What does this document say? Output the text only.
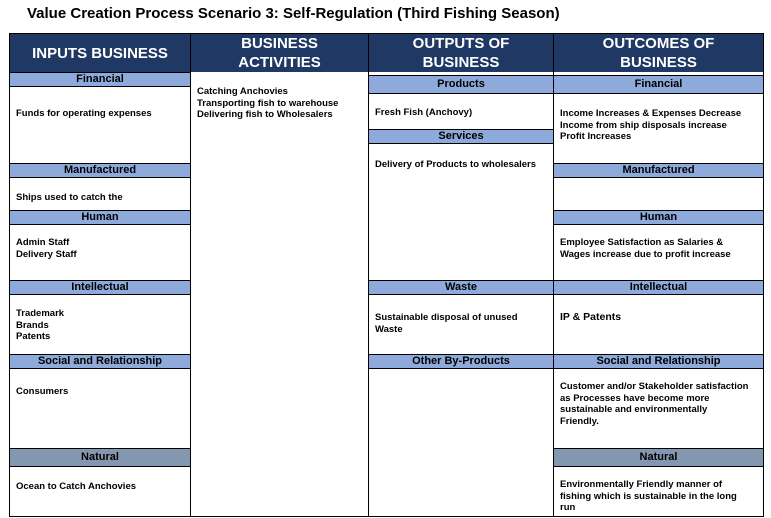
Value Creation Process Scenario 3: Self-Regulation (Third Fishing Season)
INPUTS BUSINESS
Financial
Funds for operating expenses
Manufactured
Ships used to catch the
Human
Admin Staff
Delivery Staff
Intellectual
Trademark
Brands
Patents
Social and Relationship
Consumers
Natural
Ocean to Catch Anchovies
BUSINESS
ACTIVITIES
Catching Anchovies
Transporting fish to warehouse
Delivering fish to Wholesalers
OUTPUTS OF
BUSINESS
Products
Fresh Fish (Anchovy)
Services
Delivery of Products to wholesalers
Waste
Sustainable disposal of unused
Waste
Other By-Products
OUTCOMES OF
BUSINESS
Financial
Income Increases & Expenses Decrease
Income from ship disposals increase
Profit Increases
Manufactured
Human
Employee Satisfaction as Salaries &
Wages increase due to profit increase
Intellectual
IP & Patents
Social and Relationship
Customer and/or Stakeholder satisfaction
as Processes have become more
sustainable and environmentally
Friendly.
Natural
Environmentally Friendly manner of
fishing which is sustainable in the long
run
